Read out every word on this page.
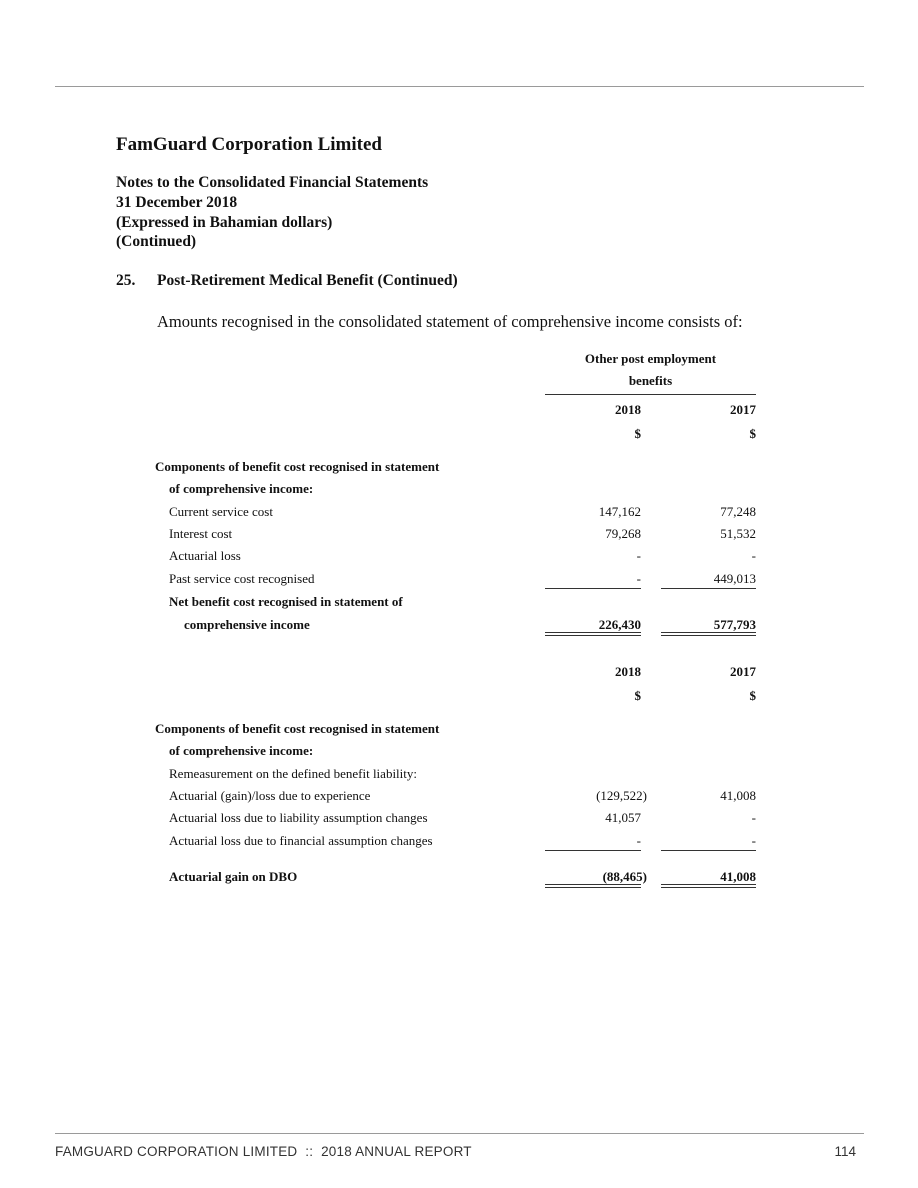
FamGuard Corporation Limited
Notes to the Consolidated Financial Statements
31 December 2018
(Expressed in Bahamian dollars)
(Continued)
25. Post-Retirement Medical Benefit (Continued)
Amounts recognised in the consolidated statement of comprehensive income consists of:
Other post employment
benefits
2018	2017
$	$
Components of benefit cost recognised in statement
of comprehensive income:
Current service cost	147,162	77,248
Interest cost	79,268	51,532
Actuarial loss	-	-
Past service cost recognised	-	449,013
Net benefit cost recognised in statement of
comprehensive income	226,430	577,793
2018	2017
$	$
Components of benefit cost recognised in statement
of comprehensive income:
Remeasurement on the defined benefit liability:
Actuarial (gain)/loss due to experience	(129,522)	41,008
Actuarial loss due to liability assumption changes	41,057	-
Actuarial loss due to financial assumption changes	-	-
Actuarial gain on DBO	(88,465)	41,008
FAMGUARD CORPORATION LIMITED  ::  2018 ANNUAL REPORT	114
